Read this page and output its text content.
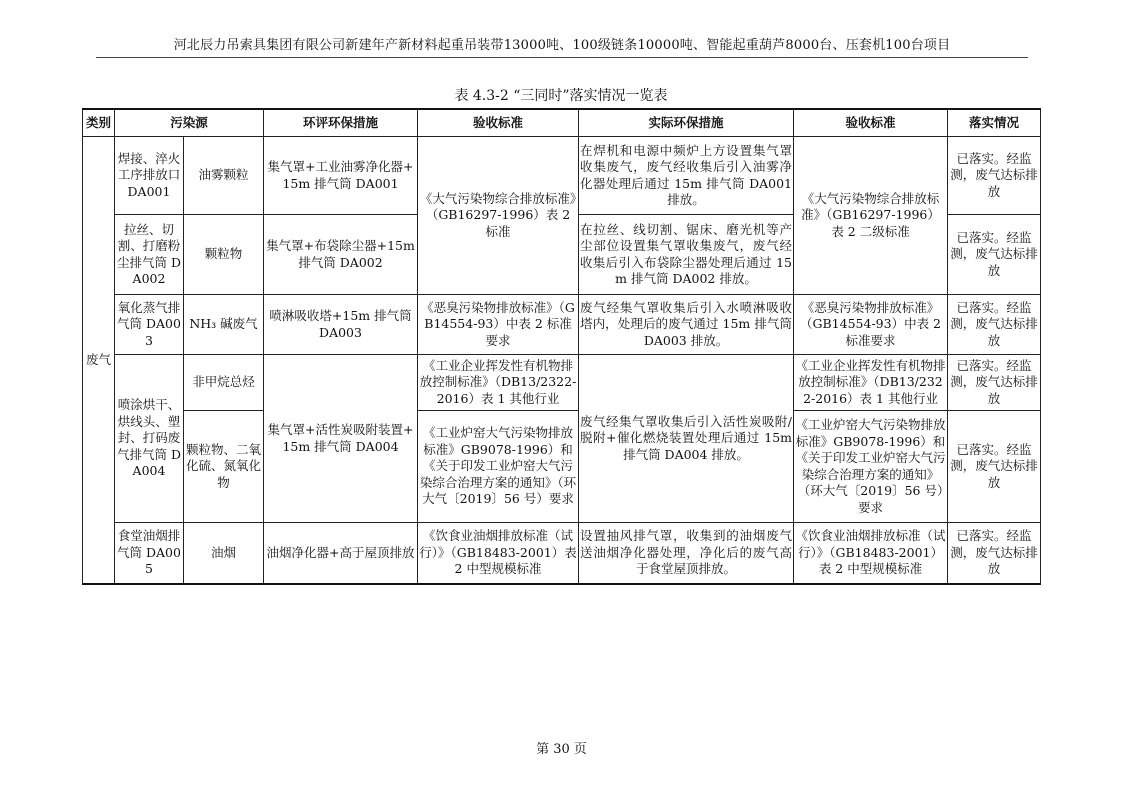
河北辰力吊索具集团有限公司新建年产新材料起重吊装带13000吨、100级链条10000吨、智能起重葫芦8000台、压套机100台项目
表 4.3-2 “三同时”落实情况一览表
类别	污染源		环评环保措施	验收标准	实际环保措施	验收标准	落实情况
废气	焊接、淬火工序排放口 DA001	油雾颗粒	集气罩+工业油雾净化器+15m 排气筒 DA001	《大气污染物综合排放标准》（GB16297-1996）表 2 标准	在焊机和电源中频炉上方设置集气罩收集废气，废气经收集后引入油雾净化器处理后通过 15m 排气筒 DA001 排放。	《大气污染物综合排放标准》（GB16297-1996）表 2 二级标准	已落实。经监测，废气达标排放
	拉丝、切割、打磨粉尘排气筒 DA002	颗粒物	集气罩+布袋除尘器+15m 排气筒 DA002		在拉丝、线切割、锯床、磨光机等产尘部位设置集气罩收集废气，废气经收集后引入布袋除尘器处理后通过 15m 排气筒 DA002 排放。		已落实。经监测，废气达标排放
	氧化蒸气排气筒 DA003	NH₃ 碱废气	喷淋吸收塔+15m 排气筒 DA003	《恶臭污染物排放标准》（GB14554-93）中表 2 标准要求	废气经集气罩收集后引入水喷淋吸收塔内，处理后的废气通过 15m 排气筒 DA003 排放。	《恶臭污染物排放标准》（GB14554-93）中表 2 标准要求	已落实。经监测，废气达标排放
	喷涂烘干、烘线头、塑封、打码废气排气筒 DA004	非甲烷总烃	集气罩+活性炭吸附装置+15m 排气筒 DA004	《工业企业挥发性有机物排放控制标准》（DB13/2322-2016）表 1 其他行业	废气经集气罩收集后引入活性炭吸附/脱附+催化燃烧装置处理后通过 15m 排气筒 DA004 排放。	《工业企业挥发性有机物排放控制标准》（DB13/2322-2016）表 1 其他行业	已落实。经监测，废气达标排放
		颗粒物、二氧化硫、氮氧化物		《工业炉窑大气污染物排放标准》GB9078-1996）和《关于印发工业炉窑大气污染综合治理方案的通知》（环大气〔2019〕56 号）要求		《工业炉窑大气污染物排放标准》GB9078-1996）和《关于印发工业炉窑大气污染综合治理方案的通知》（环大气〔2019〕56 号）要求	已落实。经监测，废气达标排放
	食堂油烟排气筒 DA005	油烟	油烟净化器+高于屋顶排放	《饮食业油烟排放标准（试行）》（GB18483-2001）表 2 中型规模标准	设置抽风排气罩，收集到的油烟废气送油烟净化器处理，净化后的废气高于食堂屋顶排放。	《饮食业油烟排放标准（试行）》（GB18483-2001）表 2 中型规模标准	已落实。经监测，废气达标排放
第 30 页
